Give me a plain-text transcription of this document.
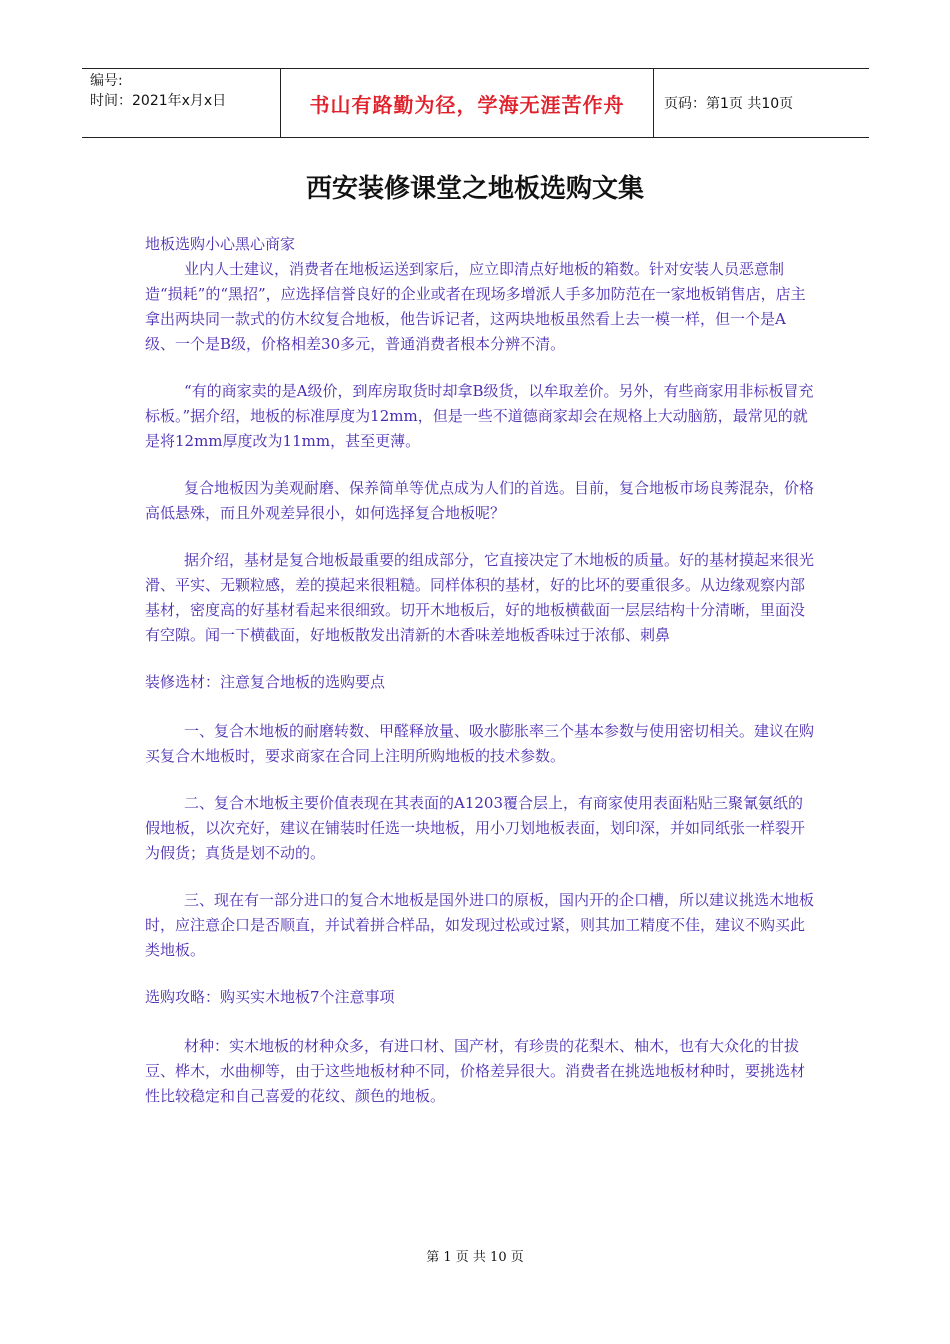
编号:
时间：2021年x月x日	书山有路勤为径，学海无涯苦作舟	页码：第1页 共10页
西安装修课堂之地板选购文集

地板选购小心黑心商家

业内人士建议，消费者在地板运送到家后，应立即清点好地板的箱数。针对安装人员恶意制造“损耗”的“黑招”，应选择信誉良好的企业或者在现场多增派人手多加防范在一家地板销售店，店主拿出两块同一款式的仿木纹复合地板，他告诉记者，这两块地板虽然看上去一模一样，但一个是A级、一个是B级，价格相差30多元，普通消费者根本分辨不清。

“有的商家卖的是A级价，到库房取货时却拿B级货，以牟取差价。另外，有些商家用非标板冒充标板。”据介绍，地板的标准厚度为12mm，但是一些不道德商家却会在规格上大动脑筋，最常见的就是将12mm厚度改为11mm，甚至更薄。

复合地板因为美观耐磨、保养简单等优点成为人们的首选。目前，复合地板市场良莠混杂，价格高低悬殊，而且外观差异很小，如何选择复合地板呢？

据介绍，基材是复合地板最重要的组成部分，它直接决定了木地板的质量。好的基材摸起来很光滑、平实、无颗粒感，差的摸起来很粗糙。同样体积的基材，好的比坏的要重很多。从边缘观察内部基材，密度高的好基材看起来很细致。切开木地板后，好的地板横截面一层层结构十分清晰，里面没有空隙。闻一下横截面，好地板散发出清新的木香味差地板香味过于浓郁、刺鼻

装修选材：注意复合地板的选购要点

一、复合木地板的耐磨转数、甲醛释放量、吸水膨胀率三个基本参数与使用密切相关。建议在购买复合木地板时，要求商家在合同上注明所购地板的技术参数。

二、复合木地板主要价值表现在其表面的A1203覆合层上，有商家使用表面粘贴三聚氰氨纸的假地板，以次充好，建议在铺装时任选一块地板，用小刀划地板表面，划印深，并如同纸张一样裂开为假货；真货是划不动的。

三、现在有一部分进口的复合木地板是国外进口的原板，国内开的企口槽，所以建议挑选木地板时，应注意企口是否顺直，并试着拼合样品，如发现过松或过紧，则其加工精度不佳，建议不购买此类地板。

选购攻略：购买实木地板7个注意事项

材种：实木地板的材种众多，有进口材、国产材，有珍贵的花梨木、柚木，也有大众化的甘拔豆、桦木，水曲柳等，由于这些地板材种不同，价格差异很大。消费者在挑选地板材种时，要挑选材性比较稳定和自己喜爱的花纹、颜色的地板。

第 1 页 共 10 页
